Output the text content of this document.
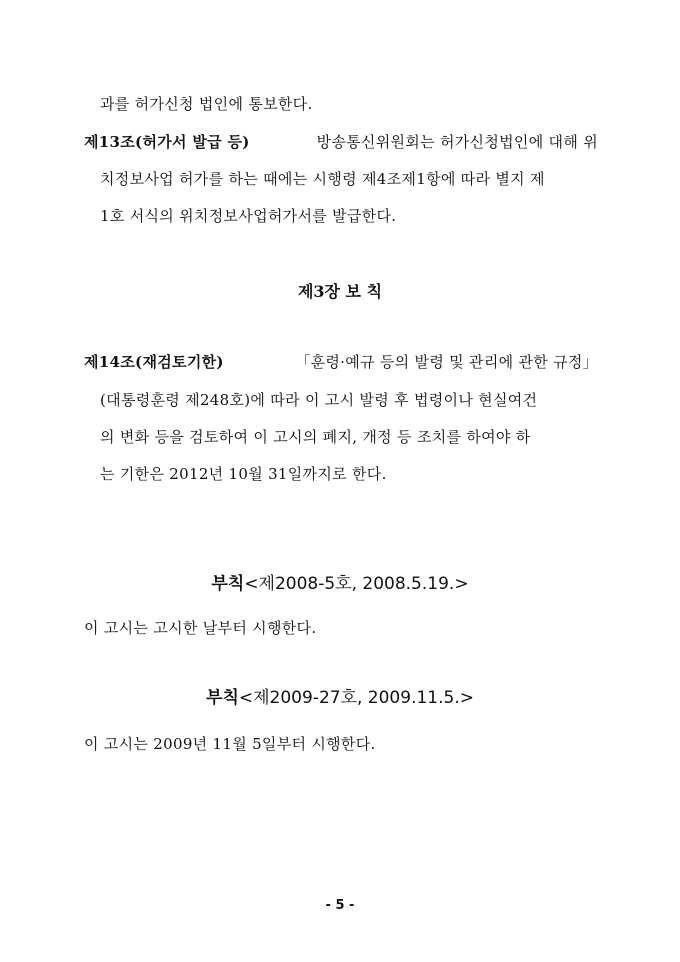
과를 허가신청 법인에 통보한다.
제13조(허가서 발급 등)	방송통신위원회는 허가신청법인에 대해 위
치정보사업 허가를 하는 때에는 시행령 제4조제1항에 따라 별지 제
1호 서식의 위치정보사업허가서를 발급한다.
제3장 보 칙
제14조(재검토기한)	「훈령·예규 등의 발령 및 관리에 관한 규정」
(대통령훈령 제248호)에 따라 이 고시 발령 후 법령이나 현실여건
의 변화 등을 검토하여 이 고시의 폐지, 개정 등 조치를 하여야 하
는 기한은 2012년 10월 31일까지로 한다.
부칙<제2008-5호, 2008.5.19.>
이 고시는 고시한 날부터 시행한다.
부칙<제2009-27호, 2009.11.5.>
이 고시는 2009년 11월 5일부터 시행한다.
- 5 -
